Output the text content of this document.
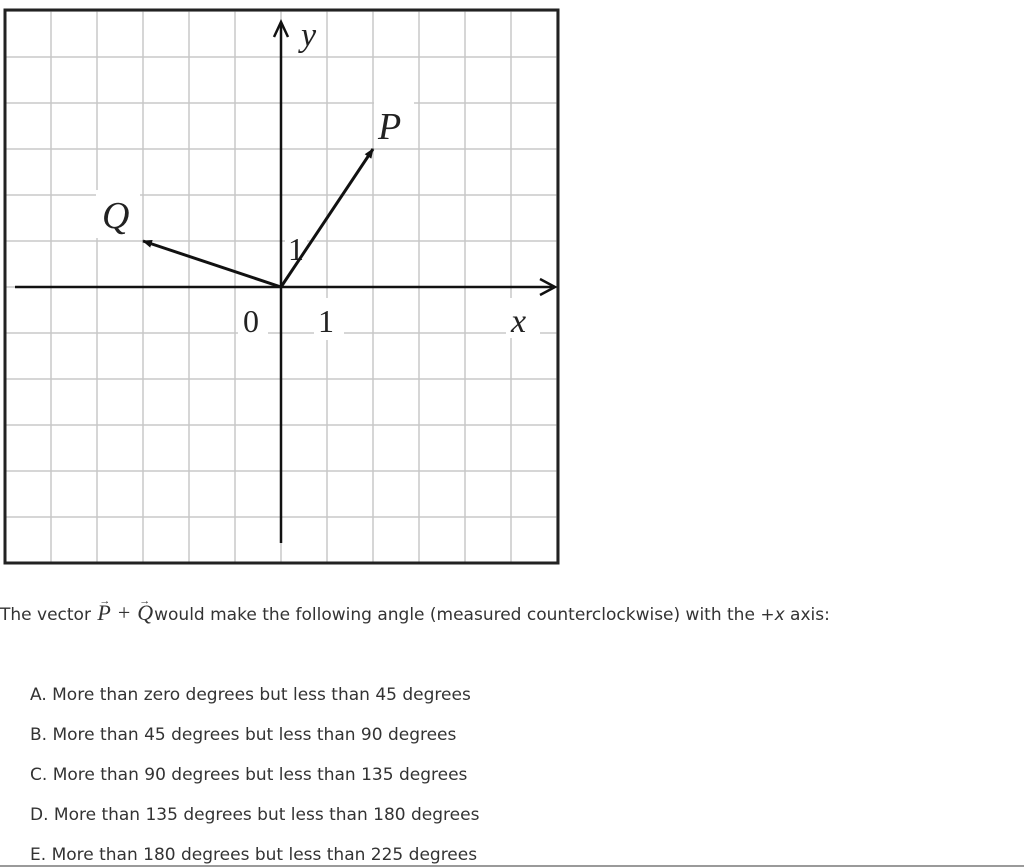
y
x
0 1
1
P
Q
The vector → P + → Qwould make the following angle (measured counterclockwise) with the +x axis:
A. More than zero degrees but less than 45 degrees
B. More than 45 degrees but less than 90 degrees
C. More than 90 degrees but less than 135 degrees
D. More than 135 degrees but less than 180 degrees
E. More than 180 degrees but less than 225 degrees
